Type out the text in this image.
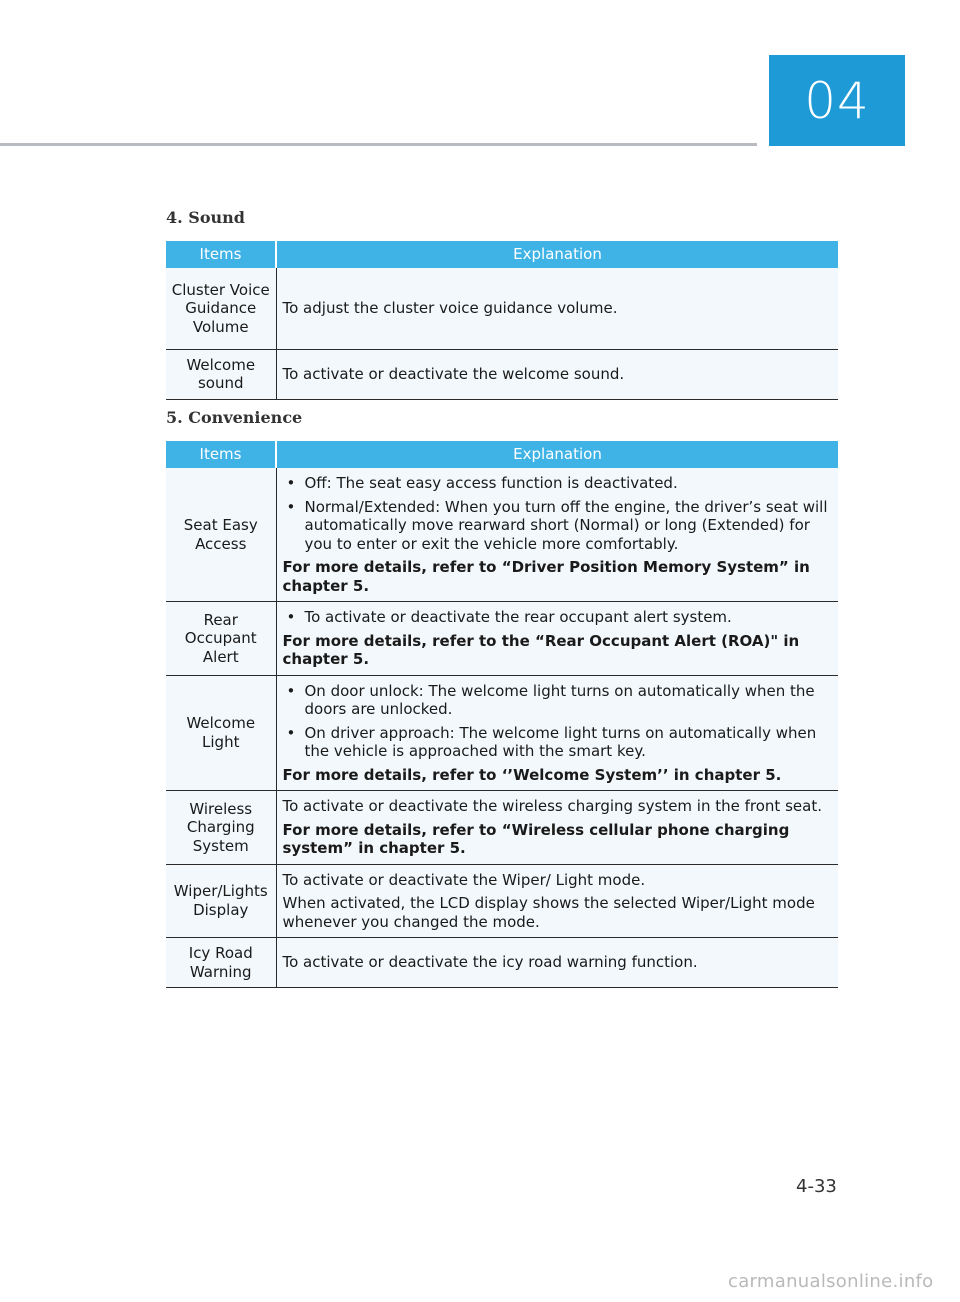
04
4. Sound
Items	Explanation
Cluster Voice Guidance Volume	To adjust the cluster voice guidance volume.
Welcome sound	To activate or deactivate the welcome sound.
5. Convenience
Items	Explanation
Seat Easy Access	• Off: The seat easy access function is deactivated.
• Normal/Extended: When you turn off the engine, the driver’s seat will automatically move rearward short (Normal) or long (Extended) for you to enter or exit the vehicle more comfortably.

For more details, refer to “Driver Position Memory System” in chapter 5.

Rear Occupant Alert	• To activate or deactivate the rear occupant alert system.

For more details, refer to the “Rear Occupant Alert (ROA)" in chapter 5.

Welcome Light	• On door unlock: The welcome light turns on automatically when the doors are unlocked.
• On driver approach: The welcome light turns on automatically when the vehicle is approached with the smart key.

For more details, refer to ‘’Welcome System’’ in chapter 5.

Wireless Charging System	To activate or deactivate the wireless charging system in the front seat.

For more details, refer to “Wireless cellular phone charging system” in chapter 5.

Wiper/Lights Display	To activate or deactivate the Wiper/ Light mode.

When activated, the LCD display shows the selected Wiper/Light mode whenever you changed the mode.

Icy Road Warning	To activate or deactivate the icy road warning function.
4-33
carmanualsonline.info
